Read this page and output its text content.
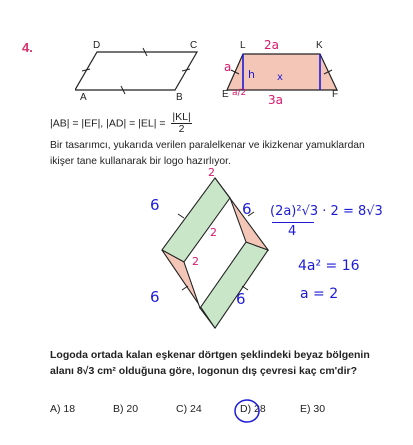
4.	D	C
A	B
L	K
E	F
2a
a
h
a/2
x
3a
|AB| = |EF|, $|AD| = |EL| = \frac{|KL|}{2}$
Bir tasarımcı, yukarıda verilen paralelkenar ve ikizkenar yamuklardan ikişer tane kullanarak bir logo hazırlıyor.
6	6
6	6
2
2
2
(2a)²√3 · 2 = 8√3
4
4a² = 16
a = 2
Logoda ortada kalan eşkenar dörtgen şeklindeki beyaz bölgenin alanı 8√3 cm² olduğuna göre, logonun dış çevresi kaç cm'dir?
A) 18	B) 20	C) 24	D) 28	E) 30
